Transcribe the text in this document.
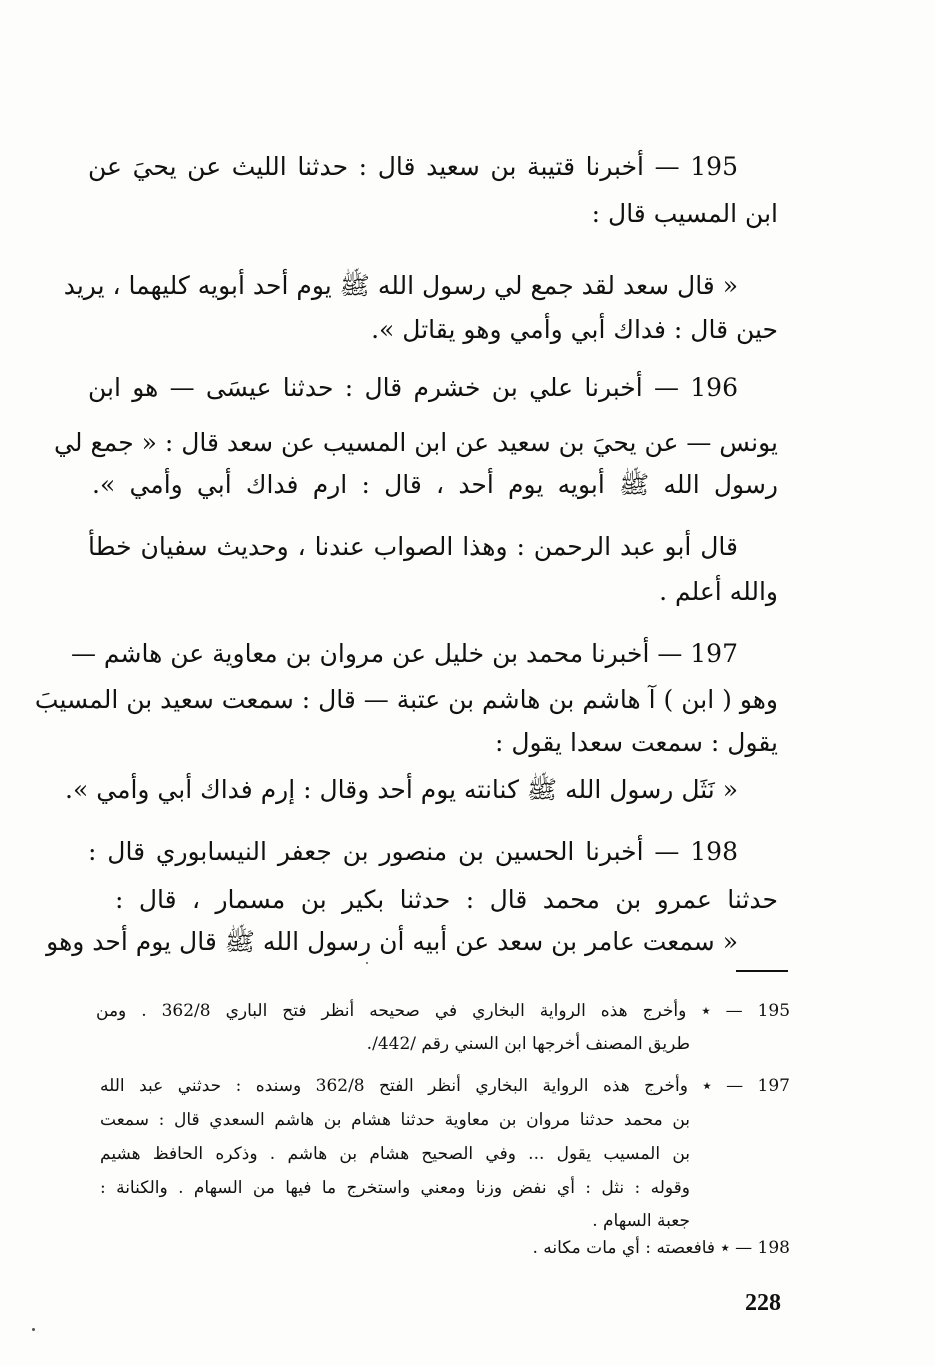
195 — أخبرنا قتيبة بن سعيد قال : حدثنا الليث عن يحيَ عن
ابن المسيب قال :
« قال سعد لقد جمع لي رسول الله ﷺ يوم أحد أبويه كليهما ، يريد
حين قال : فداك أبي وأمي وهو يقاتل ».
196 — أخبرنا علي بن خشرم قال : حدثنا عيسَى — هو ابن
يونس — عن يحيَ بن سعيد عن ابن المسيب عن سعد قال : « جمع لي
رسول الله ﷺ أبويه يوم أحد ، قال : ارم فداك أبي وأمي ».
قال أبو عبد الرحمن : وهذا الصواب عندنا ، وحديث سفيان خطأ
والله أعلم .
197 — أخبرنا محمد بن خليل عن مروان بن معاوية عن هاشم —
وهو ( ابن ) آ هاشم بن هاشم بن عتبة — قال : سمعت سعيد بن المسيبَ
يقول : سمعت سعدا يقول :
« نَثَل رسول الله ﷺ كنانته يوم أحد وقال : إرم فداك أبي وأمي ».
198 — أخبرنا الحسين بن منصور بن جعفر النيسابوري قال :
حدثنا عمرو بن محمد قال : حدثنا بكير بن مسمار ، قال :
« سمعت عامر بن سعد عن أبيه أن رسول الله ﷺ قال يوم أحد وهو
195 — ٭ وأخرج هذه الرواية البخاري في صحيحه أنظر فتح الباري 362/8 . ومن
طريق المصنف أخرجها ابن السني رقم /442/.
197 — ٭ وأخرج هذه الرواية البخاري أنظر الفتح 362/8 وسنده : حدثني عبد الله
بن محمد حدثنا مروان بن معاوية حدثنا هشام بن هاشم السعدي قال : سمعت
بن المسيب يقول ... وفي الصحيح هشام بن هاشم . وذكره الحافظ هشيم
وقوله : نثل : أي نفض وزنا ومعني واستخرج ما فيها من السهام . والكنانة :
جعبة السهام .
198 — ٭ فافعصته : أي مات مكانه .
228
